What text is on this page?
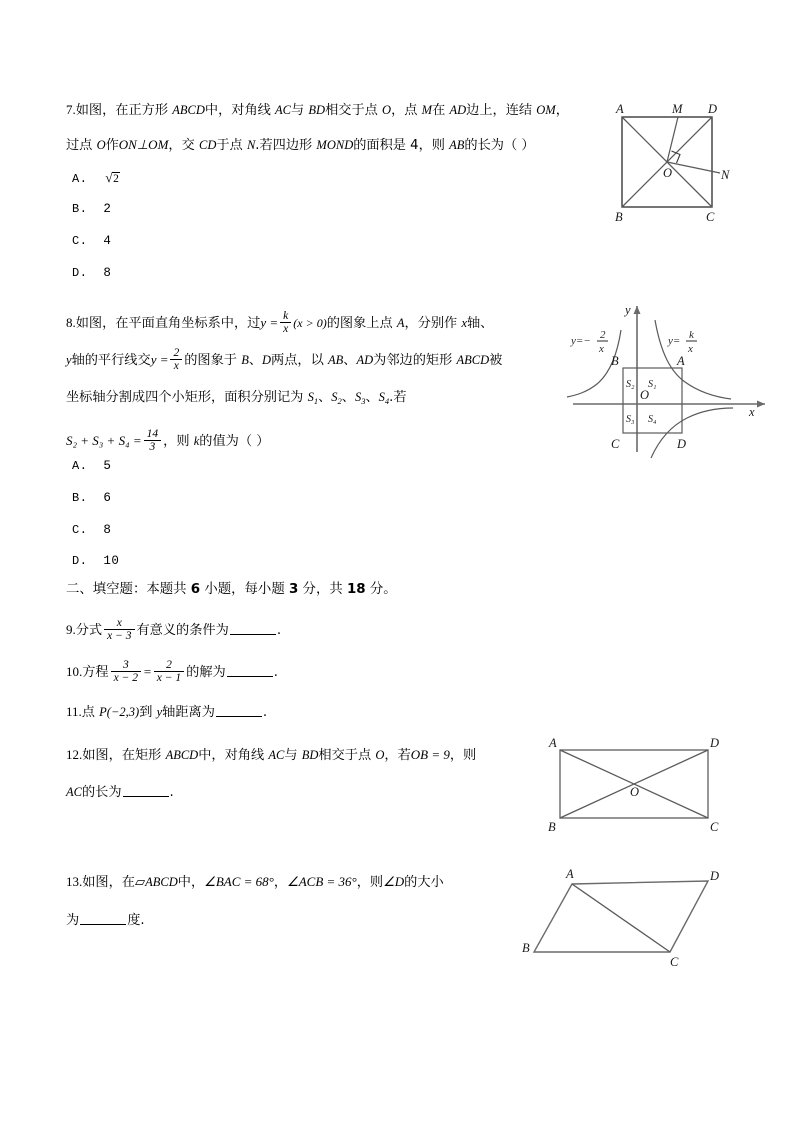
7.如图，在正方形 ABCD中，对角线 AC与 BD相交于点 O，点 M在 AD边上，连结 OM，
过点 O作ON⊥OM，交 CD于点 N.若四边形 MOND的面积是 4，则 AB的长为（ ）
A. √2
B. 2
C. 4
D. 8
A	M D
O	N
B	C
8.如图，在平面直角坐标系中，过$y = \frac{k}{x} (x > 0)$的图象上点 A，分别作 x轴、
y轴的平行线交$y = \frac{2}{x}$ 的图象于 B、D两点，以 AB、AD为邻边的矩形 ABCD被
坐标轴分割成四个小矩形，面积分别记为 $S_1$、$S_2$、$S_3$、$S_4$.若
$S_2 + S_3 + S_4 = \frac{14}{3}$ ，则 k的值为（ ）
A. 5
B. 6
C. 8
D. 10
y
x
O
B	A
C	D
S₂ S₁
S₃ S₄
y=− 2
x
y= k
x
二、填空题：本题共 6 小题，每小题 3 分，共 18 分。
9.分式 $\frac{x}{x - 3}$ 有意义的条件为	.
10.方程 $\frac{3}{x - 2} = \frac{2}{x - 1}$ 的解为	.
11.点 P(−2,3)到 y轴距离为	.
12.如图，在矩形 ABCD中，对角线 AC与 BD相交于点 O，若OB = 9，则
AC的长为	.
A	D
O
B	C
13.如图，在▱ABCD中，∠BAC = 68°，∠ACB = 36°，则∠D的大小
为	度.
A	D
B
C
